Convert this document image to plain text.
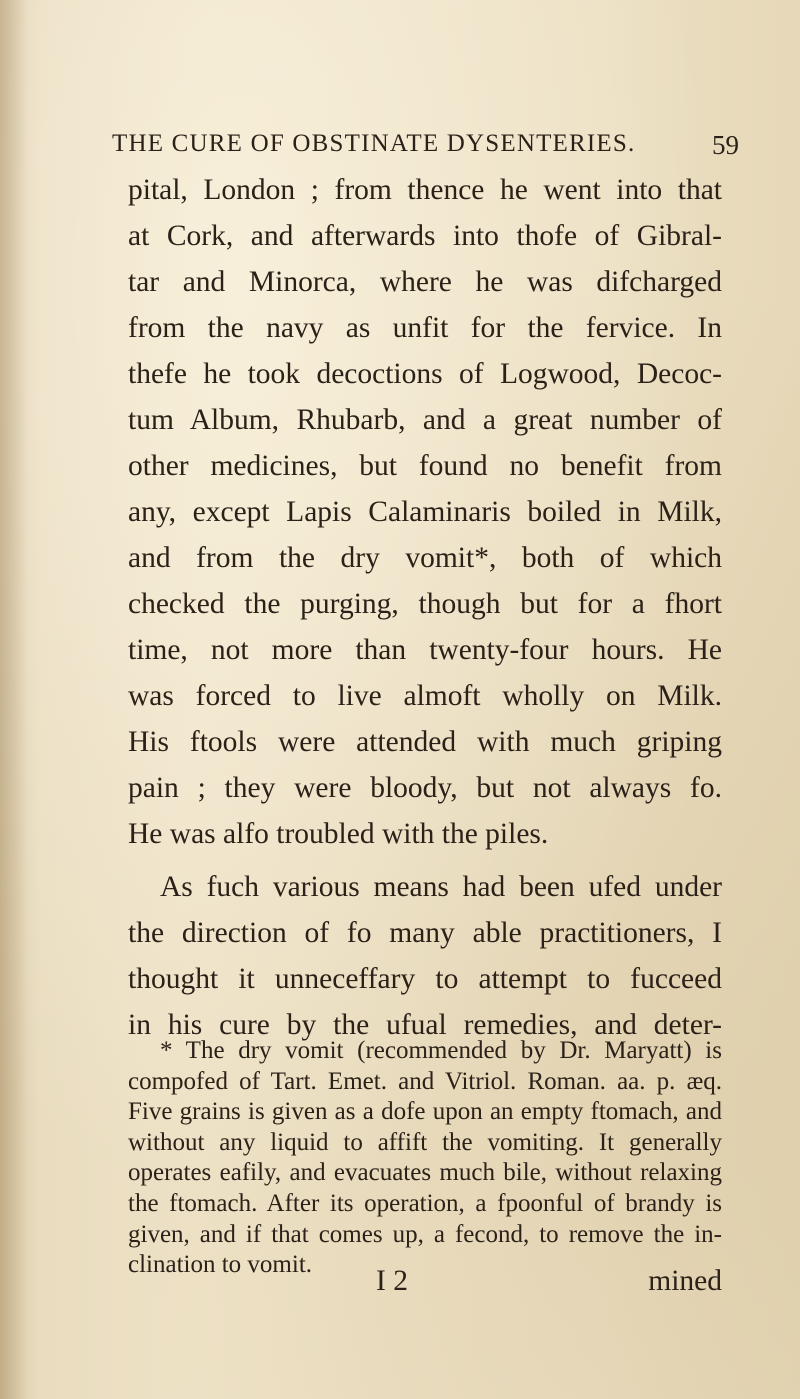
THE CURE OF OBSTINATE DYSENTERIES.	59
pital, London ; from thence he went into that
at Cork, and afterwards into thofe of Gibral-
tar and Minorca, where he was difcharged
from the navy as unfit for the fervice. In
thefe he took decoctions of Logwood, Decoc-
tum Album, Rhubarb, and a great number of
other medicines, but found no benefit from
any, except Lapis Calaminaris boiled in Milk,
and from the dry vomit*, both of which
checked the purging, though but for a fhort
time, not more than twenty-four hours. He
was forced to live almoft wholly on Milk.
His ftools were attended with much griping
pain ; they were bloody, but not always fo.
He was alfo troubled with the piles.
As fuch various means had been ufed under
the direction of fo many able practitioners, I
thought it unneceffary to attempt to fucceed
in his cure by the ufual remedies, and deter-
* The dry vomit (recommended by Dr. Maryatt) is
compofed of Tart. Emet. and Vitriol. Roman. aa. p. æq.
Five grains is given as a dofe upon an empty ftomach, and
without any liquid to affift the vomiting. It generally
operates eafily, and evacuates much bile, without relaxing
the ftomach. After its operation, a fpoonful of brandy is
given, and if that comes up, a fecond, to remove the in-
clination to vomit.
I 2	mined
